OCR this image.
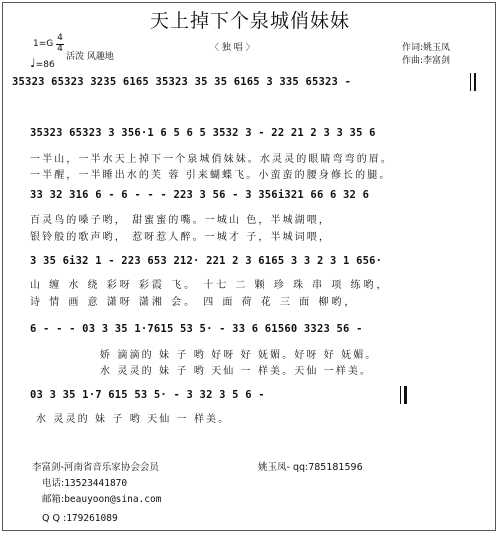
天上掉下个泉城俏妹妹
1=G
4
4
活泼 风趣地
♩=86
〈 独 唱 〉	作词:姚玉凤
作曲:李富剑
35323 65323 3235 6165 35323 35 35 6165 3 335 65323 -
35323 65323 3 356·1 6 5 6 5 3532 3 - 22 21 2 3 3 35 6
一半山，一半水天上掉下一个泉城俏妹妹。水灵灵的眼睛弯弯的眉。
一半醒，一半睡出水的芙 蓉 引来蝴蝶飞。小蛮蛮的腰身修长的腿。
33 32 316 6 - 6 - - - 223 3 56 - 3 356i321 66 6 32 6
百灵鸟的嗓子哟， 甜蜜蜜的嘴。一城山 色，半城湖喂，
银铃般的歌声哟， 惹呀惹人醉。一城才 子，半城词喂，
3 35 6i32 1 - 223 653 212· 221 2 3 6165 3 3 2 3 1 656·
山 缠 水 绕 彩呀 彩霞 飞。 十七 二 颗 珍 珠 串 项 练哟，
诗 情 画 意 潇呀 潇湘 会。 四 面 荷 花 三 面 柳哟，
6 - - - 03 3 35 1·7615 53 5· - 33 6 61560 3323 56 -
娇 滴滴的 妹 子 哟 好呀 好 妩媚。好呀 好 妩媚。
水 灵灵的 妹 子 哟 天仙 一 样美。天仙 一样美。
03 3 35 1·7 615 53 5· - 3 32 3 5 6 -
水 灵灵的 妹 子 哟 天仙 一 样美。
李富剑-河南省音乐家协会会员	姚玉凤- qq:785181596
电话:13523441870
邮箱:beauyoon@sina.com
Q Q :179261089
